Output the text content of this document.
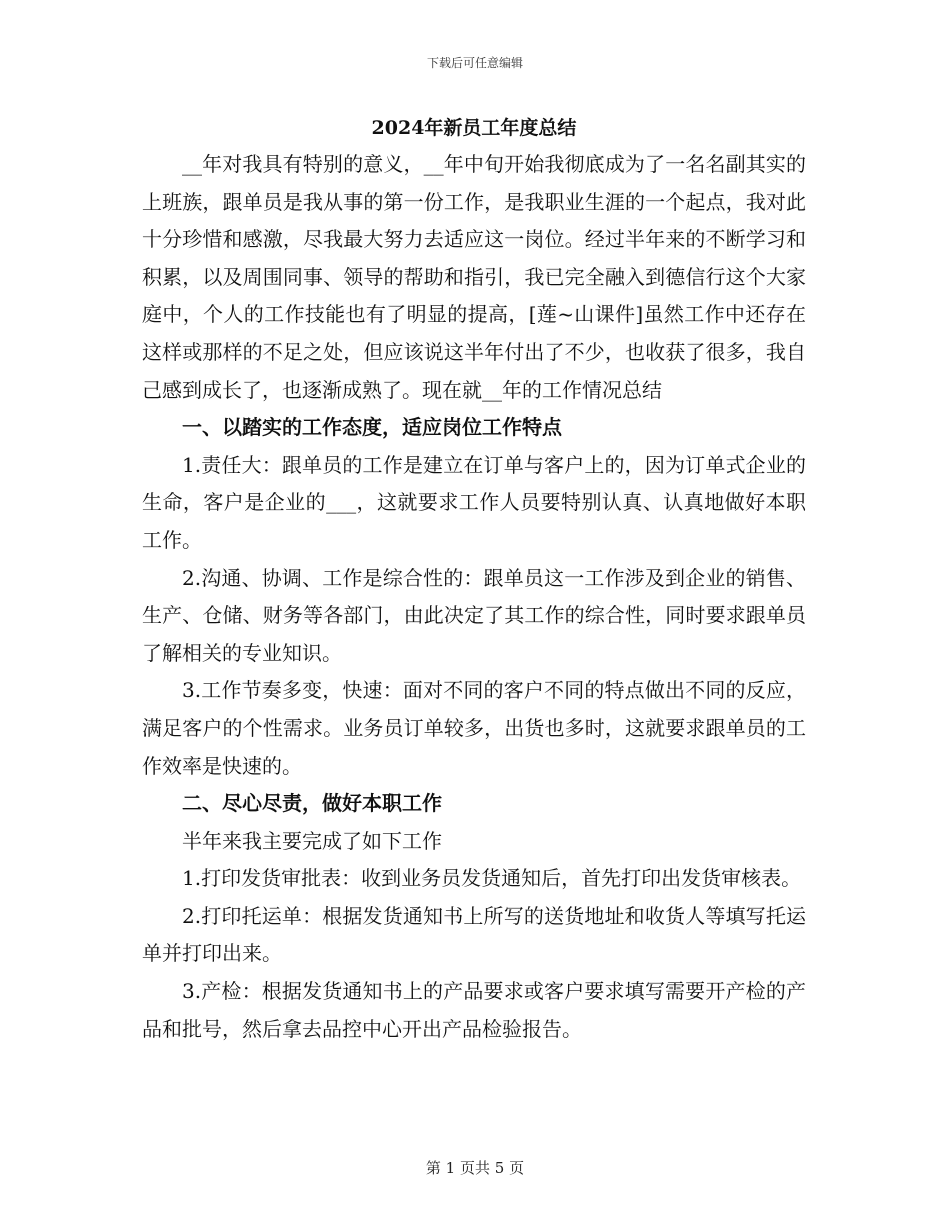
下载后可任意编辑

2024年新员工年度总结

__年对我具有特别的意义，__年中旬开始我彻底成为了一名名副其实的上班族，跟单员是我从事的第一份工作，是我职业生涯的一个起点，我对此十分珍惜和感激，尽我最大努力去适应这一岗位。经过半年来的不断学习和积累，以及周围同事、领导的帮助和指引，我已完全融入到德信行这个大家庭中，个人的工作技能也有了明显的提高，[莲~山课件]虽然工作中还存在这样或那样的不足之处，但应该说这半年付出了不少，也收获了很多，我自己感到成长了，也逐渐成熟了。现在就__年的工作情况总结

一、以踏实的工作态度，适应岗位工作特点

1.责任大：跟单员的工作是建立在订单与客户上的，因为订单式企业的生命，客户是企业的___，这就要求工作人员要特别认真、认真地做好本职工作。

2.沟通、协调、工作是综合性的：跟单员这一工作涉及到企业的销售、生产、仓储、财务等各部门，由此决定了其工作的综合性，同时要求跟单员了解相关的专业知识。

3.工作节奏多变，快速：面对不同的客户不同的特点做出不同的反应，满足客户的个性需求。业务员订单较多，出货也多时，这就要求跟单员的工作效率是快速的。

二、尽心尽责，做好本职工作

半年来我主要完成了如下工作

1.打印发货审批表：收到业务员发货通知后，首先打印出发货审核表。

2.打印托运单：根据发货通知书上所写的送货地址和收货人等填写托运单并打印出来。

3.产检：根据发货通知书上的产品要求或客户要求填写需要开产检的产品和批号，然后拿去品控中心开出产品检验报告。

第 1 页共 5 页
